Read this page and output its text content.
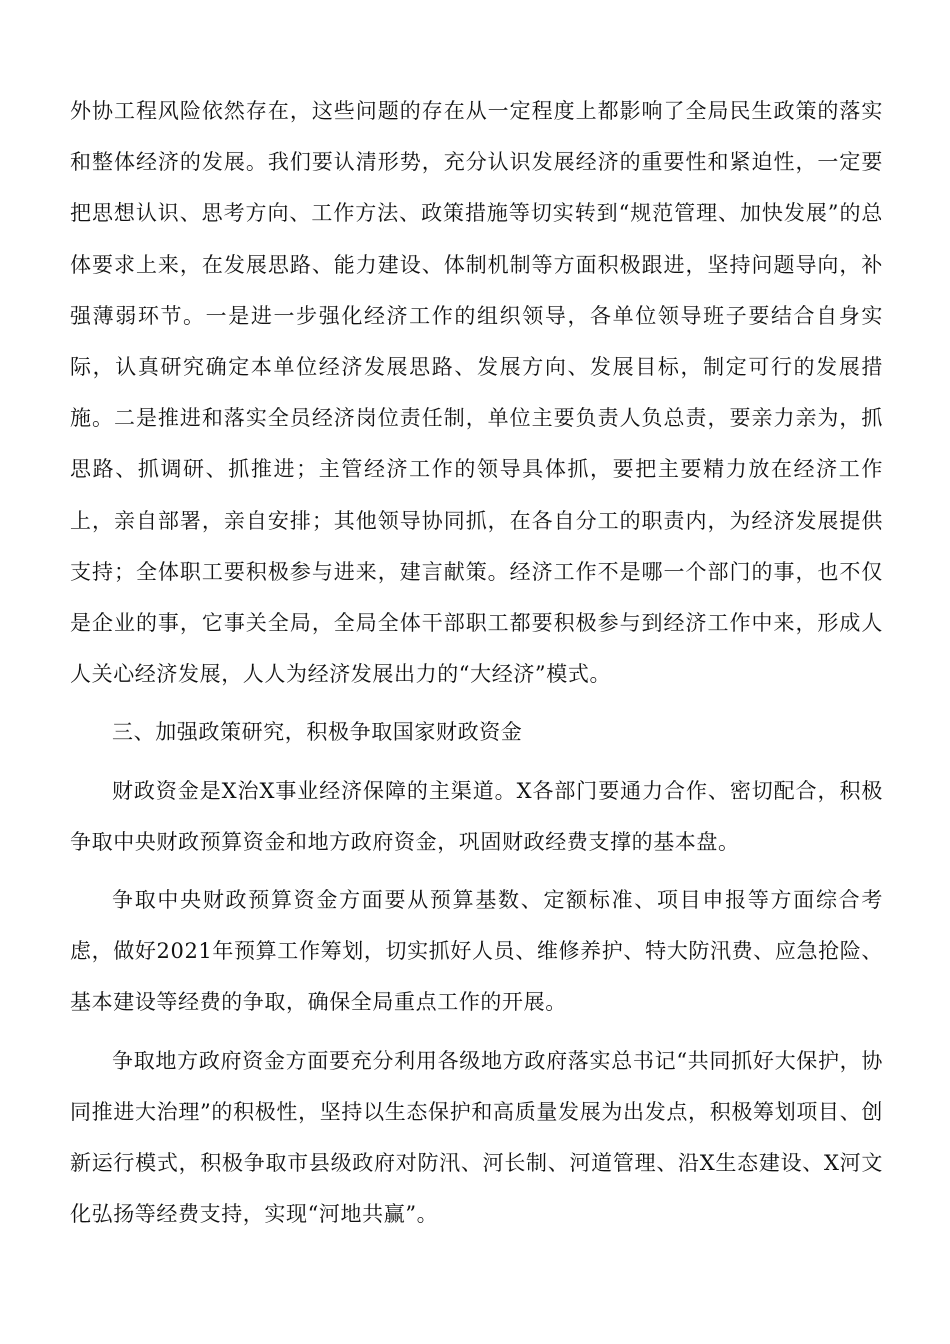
外协工程风险依然存在，这些问题的存在从一定程度上都影响了全局民生政策的落实和整体经济的发展。我们要认清形势，充分认识发展经济的重要性和紧迫性，一定要把思想认识、思考方向、工作方法、政策措施等切实转到“规范管理、加快发展”的总体要求上来，在发展思路、能力建设、体制机制等方面积极跟进，坚持问题导向，补强薄弱环节。一是进一步强化经济工作的组织领导，各单位领导班子要结合自身实际，认真研究确定本单位经济发展思路、发展方向、发展目标，制定可行的发展措施。二是推进和落实全员经济岗位责任制，单位主要负责人负总责，要亲力亲为，抓思路、抓调研、抓推进；主管经济工作的领导具体抓，要把主要精力放在经济工作上，亲自部署，亲自安排；其他领导协同抓，在各自分工的职责内，为经济发展提供支持；全体职工要积极参与进来，建言献策。经济工作不是哪一个部门的事，也不仅是企业的事，它事关全局，全局全体干部职工都要积极参与到经济工作中来，形成人人关心经济发展，人人为经济发展出力的“大经济”模式。

三、加强政策研究，积极争取国家财政资金

财政资金是X治X事业经济保障的主渠道。X各部门要通力合作、密切配合，积极争取中央财政预算资金和地方政府资金，巩固财政经费支撑的基本盘。

争取中央财政预算资金方面要从预算基数、定额标准、项目申报等方面综合考虑，做好2021年预算工作筹划，切实抓好人员、维修养护、特大防汛费、应急抢险、基本建设等经费的争取，确保全局重点工作的开展。

争取地方政府资金方面要充分利用各级地方政府落实总书记“共同抓好大保护，协同推进大治理”的积极性，坚持以生态保护和高质量发展为出发点，积极筹划项目、创新运行模式，积极争取市县级政府对防汛、河长制、河道管理、沿X生态建设、X河文化弘扬等经费支持，实现“河地共赢”。
